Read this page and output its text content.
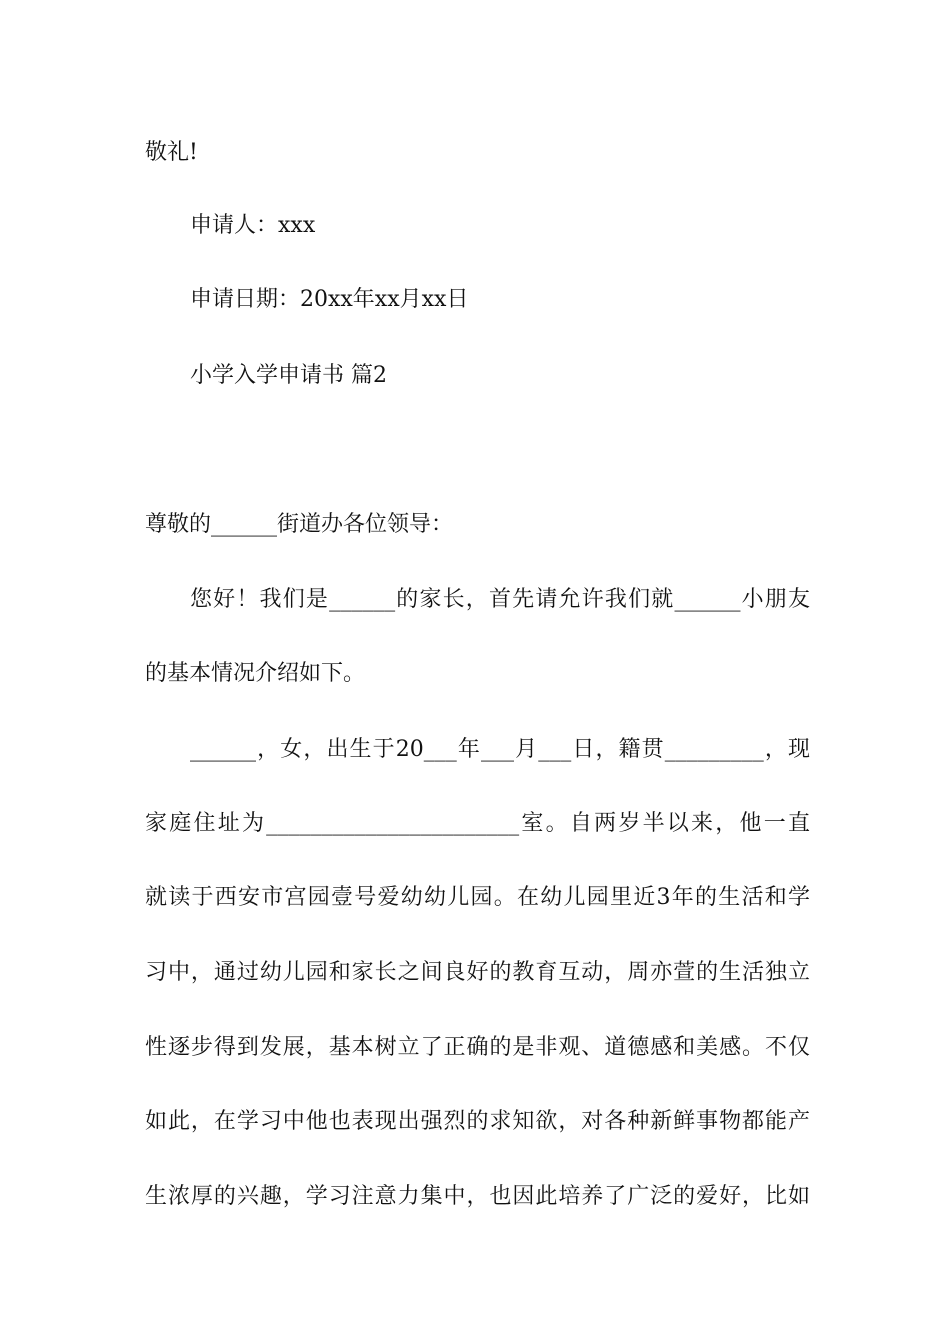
敬礼!
申请人：xxx
申请日期：20xx年xx月xx日
小学入学申请书 篇2
尊敬的______街道办各位领导：
您好！我们是______的家长，首先请允许我们就______小朋友
的基本情况介绍如下。
______，女，出生于20___年___月___日，籍贯_________，现
家庭住址为_______________________室。自两岁半以来，他一直
就读于西安市宫园壹号爱幼幼儿园。在幼儿园里近3年的生活和学
习中，通过幼儿园和家长之间良好的教育互动，周亦萱的生活独立
性逐步得到发展，基本树立了正确的是非观、道德感和美感。不仅
如此，在学习中他也表现出强烈的求知欲，对各种新鲜事物都能产
生浓厚的兴趣，学习注意力集中，也因此培养了广泛的爱好，比如
